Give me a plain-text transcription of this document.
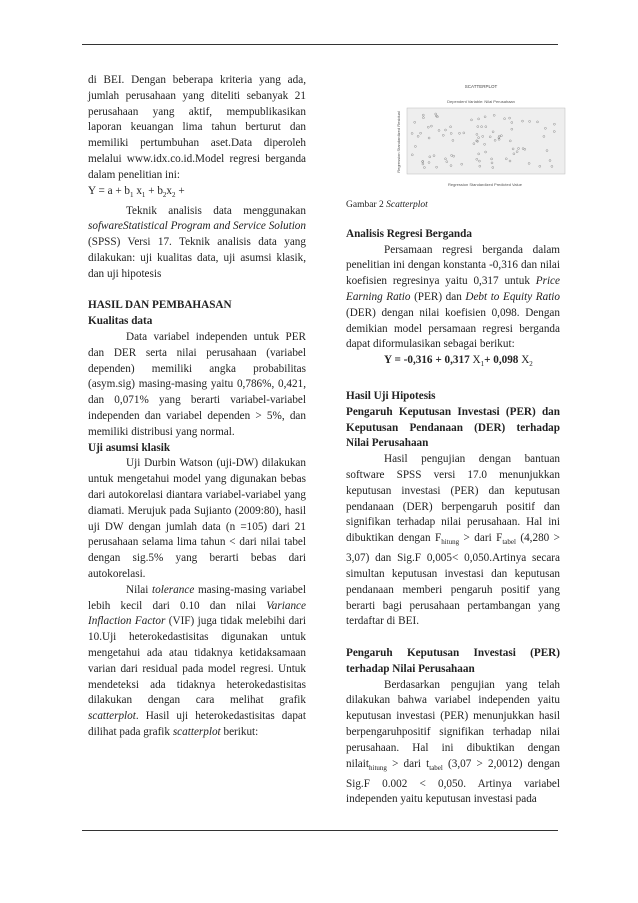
di BEI. Dengan beberapa kriteria yang ada, jumlah perusahaan yang diteliti sebanyak 21 perusahaan yang aktif, mempublikasikan laporan keuangan lima tahun berturut dan memiliki pertumbuhan aset.Data diperoleh melalui www.idx.co.id.Model regresi berganda dalam penelitian ini:

$Y = a + b_1$ $x_1 + b_2x_2$ +

Teknik analisis data menggunakan sofwareStatistical Program and Service Solution (SPSS) Versi 17. Teknik analisis data yang dilakukan: uji kualitas data, uji asumsi klasik, dan uji hipotesis

HASIL DAN PEMBAHASAN

Kualitas data

Data variabel independen untuk PER dan DER serta nilai perusahaan (variabel dependen) memiliki angka probabilitas (asym.sig) masing-masing yaitu 0,786%, 0,421, dan 0,071% yang berarti variabel-variabel independen dan variabel dependen > 5%, dan memiliki distribusi yang normal.

Uji asumsi klasik

Uji Durbin Watson (uji-DW) dilakukan untuk mengetahui model yang digunakan bebas dari autokorelasi diantara variabel-variabel yang diamati. Merujuk pada Sujianto (2009:80), hasil uji DW dengan jumlah data (n =105) dari 21 perusahaan selama lima tahun < dari nilai tabel dengan sig.5% yang berarti bebas dari autokorelasi.

Nilai tolerance masing-masing variabel lebih kecil dari 0.10 dan nilai Variance Inflaction Factor (VIF) juga tidak melebihi dari 10.Uji heterokedastisitas digunakan untuk mengetahui ada atau tidaknya ketidaksamaan varian dari residual pada model regresi. Untuk mendeteksi ada tidaknya heterokedastisitas dilakukan dengan cara melihat grafik scatterplot. Hasil uji heterokedastisitas dapat dilihat pada grafik scatterplot berikut:

SCATTERPLOT
Dependent Variable: Nilai Perusahaan
Regression Standardized Residual
Regression Standardized Predicted Value

Gambar 2 Scatterplot

Analisis Regresi Berganda

Persamaan regresi berganda dalam penelitian ini dengan konstanta -0,316 dan nilai koefisien regresinya yaitu 0,317 untuk Price Earning Ratio (PER) dan Debt to Equity Ratio (DER) dengan nilai koefisien 0,098. Dengan demikian model persamaan regresi berganda dapat diformulasikan sebagai berikut:

Y = -0,316 + 0,317 $X_1+ 0,098$ $X_2$

Hasil Uji Hipotesis

Pengaruh Keputusan Investasi (PER) dan Keputusan Pendanaan (DER) terhadap Nilai Perusahaan

Hasil pengujian dengan bantuan software SPSS versi 17.0 menunjukkan keputusan investasi (PER) dan keputusan pendanaan (DER) berpengaruh positif dan signifikan terhadap nilai perusahaan. Hal ini dibuktikan dengan $F_{hitung}$ > dari $F_{tabel}$ (4,280 > 3,07) dan Sig.F 0,005< 0,050.Artinya secara simultan keputusan investasi dan keputusan pendanaan memberi pengaruh positif yang berarti bagi perusahaan pertambangan yang terdaftar di BEI.

Pengaruh Keputusan Investasi (PER) terhadap Nilai Perusahaan

Berdasarkan pengujian yang telah dilakukan bahwa variabel independen yaitu keputusan investasi (PER) menunjukkan hasil berpengaruhpositif signifikan terhadap nilai perusahaan. Hal ini dibuktikan dengan nilait$_{hitung}$ > dari $t_{tabel}$ (3,07 > 2,0012) dengan Sig.F 0.002 < 0,050. Artinya variabel independen yaitu keputusan investasi pada
